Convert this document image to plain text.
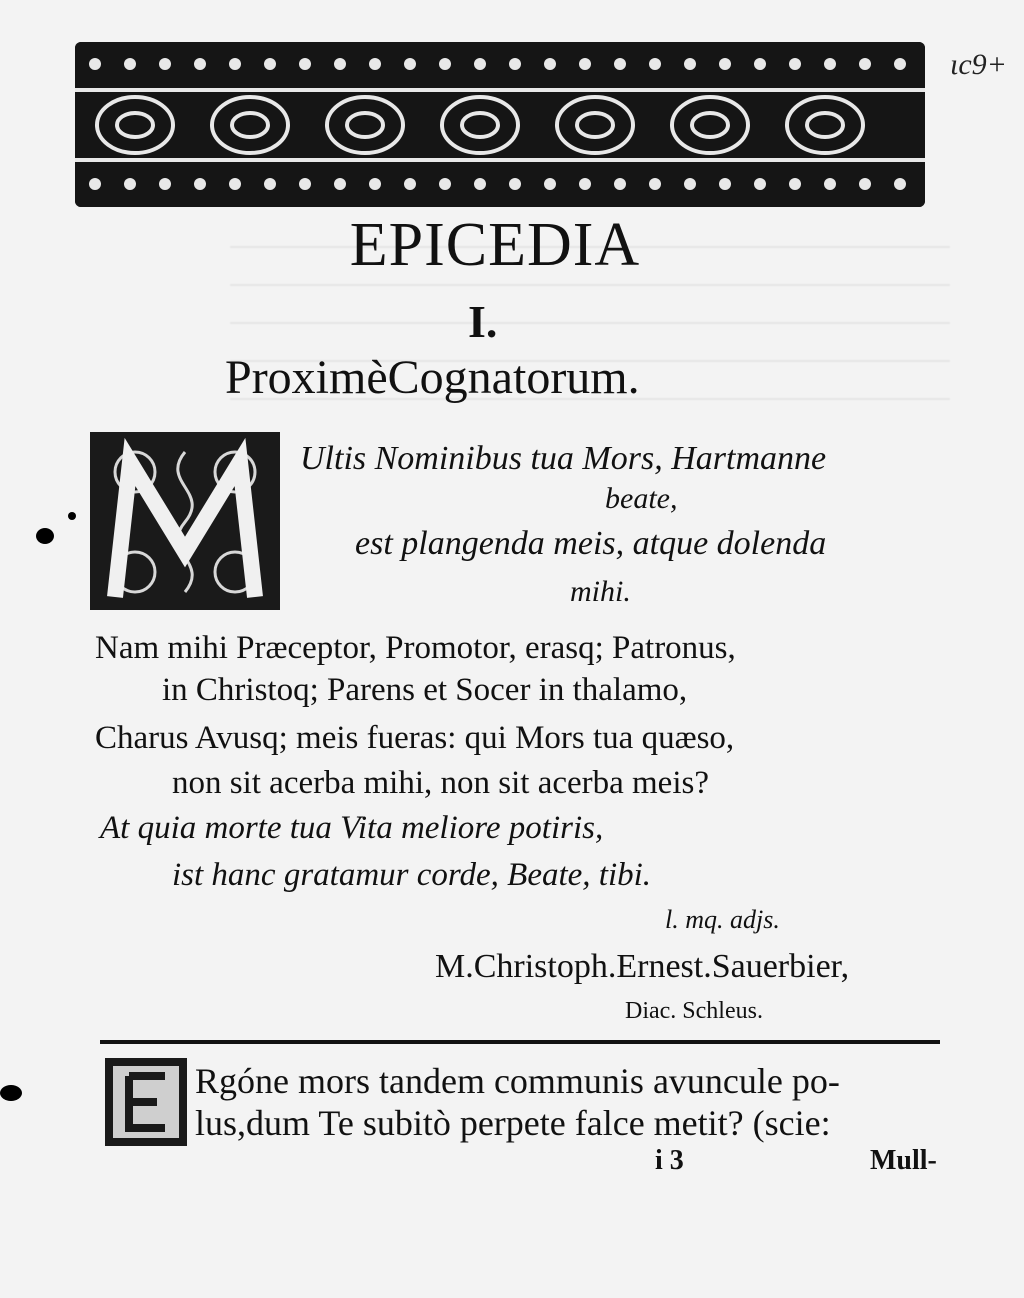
ιc9+
EPICEDIA
I.
ProximèCognatorum.
Ultis Nominibus tua Mors, Hartmanne
beate,
est plangenda meis, atque dolenda
mihi.
Nam mihi Præceptor, Promotor, erasq; Patronus,
in Christoq; Parens et Socer in thalamo,
Charus Avusq; meis fueras: qui Mors tua quæso,
non sit acerba mihi, non sit acerba meis?
At quia morte tua Vita meliore potiris,
ist hanc gratamur corde, Beate, tibi.
l. mq. adjs.
M.Christoph.Ernest.Sauerbier,
Diac. Schleus.
Rgóne mors tandem communis avuncule po-
lus,dum Te subitò perpete falce metit? (scie:
i 3	Mull-
